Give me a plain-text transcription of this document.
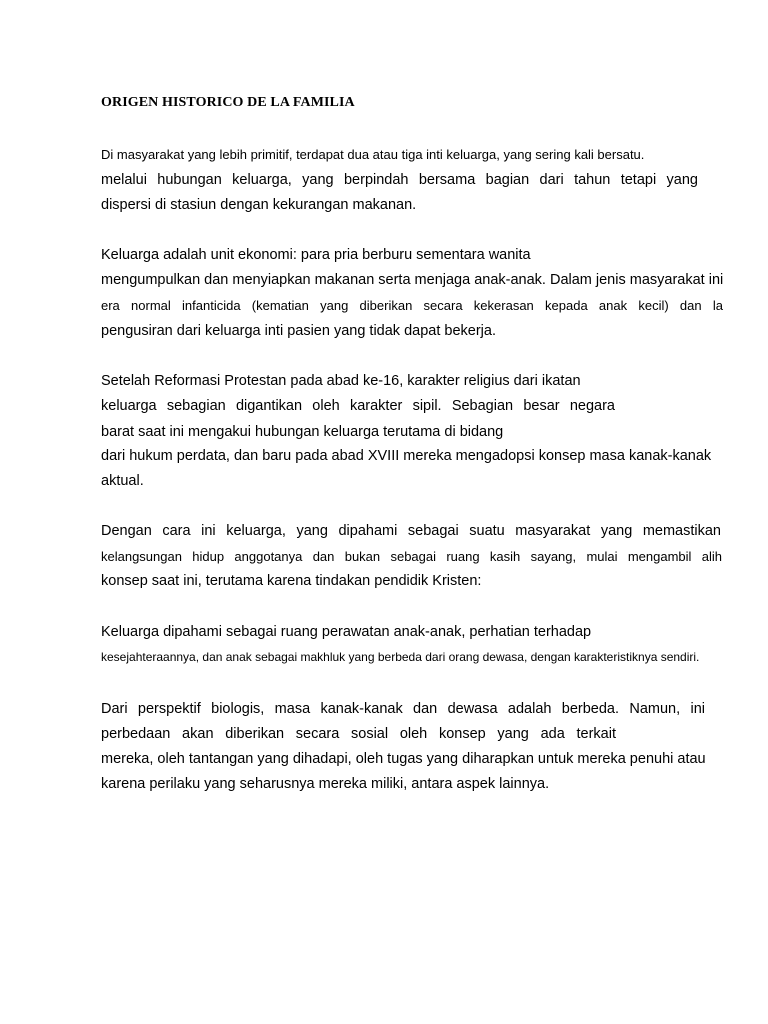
ORIGEN HISTORICO DE LA FAMILIA
Di masyarakat yang lebih primitif, terdapat dua atau tiga inti keluarga, yang sering kali bersatu.
melalui hubungan keluarga, yang berpindah bersama bagian dari tahun tetapi yang
dispersi di stasiun dengan kekurangan makanan.
Keluarga adalah unit ekonomi: para pria berburu sementara wanita
mengumpulkan dan menyiapkan makanan serta menjaga anak-anak. Dalam jenis masyarakat ini
era normal infanticida (kematian yang diberikan secara kekerasan kepada anak kecil) dan la
pengusiran dari keluarga inti pasien yang tidak dapat bekerja.
Setelah Reformasi Protestan pada abad ke-16, karakter religius dari ikatan
keluarga sebagian digantikan oleh karakter sipil. Sebagian besar negara
barat saat ini mengakui hubungan keluarga terutama di bidang
dari hukum perdata, dan baru pada abad XVIII mereka mengadopsi konsep masa kanak-kanak
aktual.
Dengan cara ini keluarga, yang dipahami sebagai suatu masyarakat yang memastikan
kelangsungan hidup anggotanya dan bukan sebagai ruang kasih sayang, mulai mengambil alih
konsep saat ini, terutama karena tindakan pendidik Kristen:
Keluarga dipahami sebagai ruang perawatan anak-anak, perhatian terhadap
kesejahteraannya, dan anak sebagai makhluk yang berbeda dari orang dewasa, dengan karakteristiknya sendiri.
Dari perspektif biologis, masa kanak-kanak dan dewasa adalah berbeda. Namun, ini
perbedaan akan diberikan secara sosial oleh konsep yang ada terkait
mereka, oleh tantangan yang dihadapi, oleh tugas yang diharapkan untuk mereka penuhi atau
karena perilaku yang seharusnya mereka miliki, antara aspek lainnya.
